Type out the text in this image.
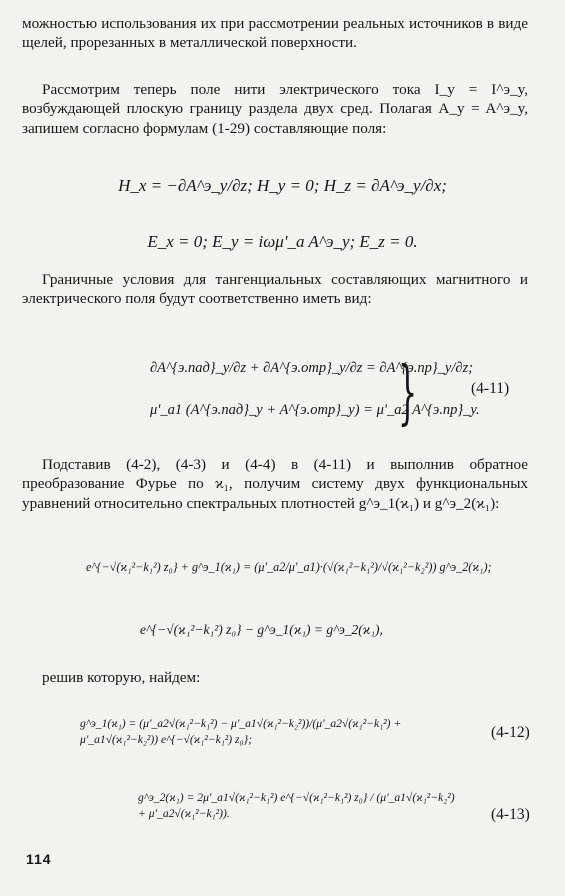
можностью использования их при рассмотрении реальных источников в виде щелей, прорезанных в металлической поверхности.

Рассмотрим теперь поле нити электрического тока I_y = I^э_y, возбуждающей плоскую границу раздела двух сред. Полагая A_y = A^э_y, запишем согласно формулам (1-29) составляющие поля:

H_x = −∂A^э_y/∂z; H_y = 0; H_z = ∂A^э_y/∂x;
E_x = 0; E_y = iωμ'_a A^э_y; E_z = 0.

Граничные условия для тангенциальных составляющих магнитного и электрического поля будут соответственно иметь вид:

∂A^{э.пад}_y/∂z + ∂A^{э.отр}_y/∂z = ∂A^{э.пр}_y/∂z;
μ'_a1 (A^{э.пад}_y + A^{э.отр}_y) = μ'_a2 A^{э.пр}_y.
}	(4-11)

Подставив (4-2), (4-3) и (4-4) в (4-11) и выполнив обратное преобразование Фурье по ϰ₁, получим систему двух функциональных уравнений относительно спектральных плотностей g^э_1(ϰ₁) и g^э_2(ϰ₁):

e^{−√(ϰ₁²−k₁²) z₀} + g^э_1(ϰ₁) = (μ'_a2/μ'_a1)·(√(ϰ₁²−k₁²)/√(ϰ₁²−k₂²)) g^э_2(ϰ₁);
e^{−√(ϰ₁²−k₁²) z₀} − g^э_1(ϰ₁) = g^э_2(ϰ₁),

решив которую, найдем:

g^э_1(ϰ₁) = (μ'_a2√(ϰ₁²−k₁²) − μ'_a1√(ϰ₁²−k₂²))/(μ'_a2√(ϰ₁²−k₁²) + μ'_a1√(ϰ₁²−k₂²)) e^{−√(ϰ₁²−k₁²) z₀};	(4-12)
g^э_2(ϰ₁) = 2μ'_a1√(ϰ₁²−k₁²) e^{−√(ϰ₁²−k₁²) z₀} / (μ'_a1√(ϰ₁²−k₂²) + μ'_a2√(ϰ₁²−k₁²)).	(4-13)
114
